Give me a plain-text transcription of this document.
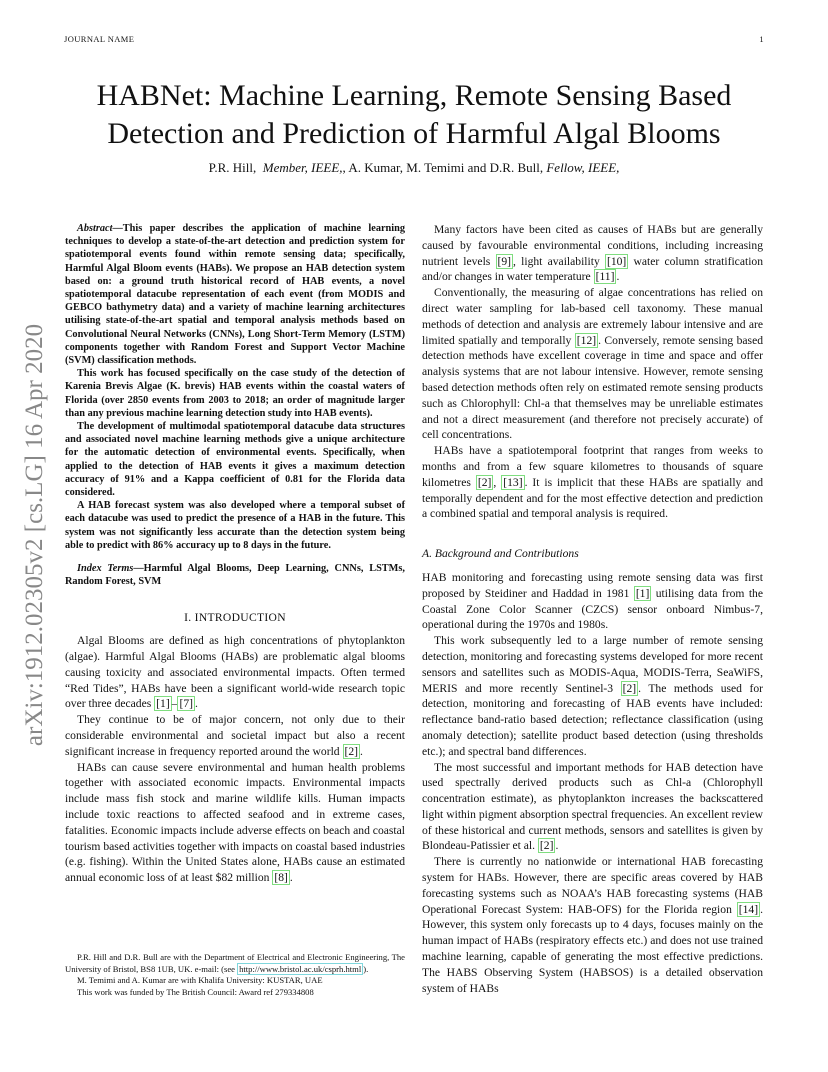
JOURNAL NAME	1
arXiv:1912.02305v2 [cs.LG] 16 Apr 2020
HABNet: Machine Learning, Remote Sensing Based
Detection and Prediction of Harmful Algal Blooms
P.R. Hill, Member, IEEE,, A. Kumar, M. Temimi and D.R. Bull, Fellow, IEEE,

Abstract—This paper describes the application of machine learning techniques to develop a state-of-the-art detection and prediction system for spatiotemporal events found within remote sensing data; specifically, Harmful Algal Bloom events (HABs). We propose an HAB detection system based on: a ground truth historical record of HAB events, a novel spatiotemporal datacube representation of each event (from MODIS and GEBCO bathymetry data) and a variety of machine learning architectures utilising state-of-the-art spatial and temporal analysis methods based on Convolutional Neural Networks (CNNs), Long Short-Term Memory (LSTM) components together with Random Forest and Support Vector Machine (SVM) classification methods.

This work has focused specifically on the case study of the detection of Karenia Brevis Algae (K. brevis) HAB events within the coastal waters of Florida (over 2850 events from 2003 to 2018; an order of magnitude larger than any previous machine learning detection study into HAB events).

The development of multimodal spatiotemporal datacube data structures and associated novel machine learning methods give a unique architecture for the automatic detection of environmental events. Specifically, when applied to the detection of HAB events it gives a maximum detection accuracy of 91% and a Kappa coefficient of 0.81 for the Florida data considered.

A HAB forecast system was also developed where a temporal subset of each datacube was used to predict the presence of a HAB in the future. This system was not significantly less accurate than the detection system being able to predict with 86% accuracy up to 8 days in the future.

Index Terms—Harmful Algal Blooms, Deep Learning, CNNs, LSTMs, Random Forest, SVM

I. INTRODUCTION

Algal Blooms are defined as high concentrations of phytoplankton (algae). Harmful Algal Blooms (HABs) are problematic algal blooms causing toxicity and associated environmental impacts. Often termed “Red Tides”, HABs have been a significant world-wide research topic over three decades [1] – [7] .

They continue to be of major concern, not only due to their considerable environmental and societal impact but also a recent significant increase in frequency reported around the world [2] .

HABs can cause severe environmental and human health problems together with associated economic impacts. Environmental impacts include mass fish stock and marine wildlife kills. Human impacts include toxic reactions to affected seafood and in extreme cases, fatalities. Economic impacts include adverse effects on beach and coastal tourism based activities together with impacts on coastal based industries (e.g. fishing). Within the United States alone, HABs cause an estimated annual economic loss of at least $82 million [8] .

P.R. Hill and D.R. Bull are with the Department of Electrical and Electronic Engineering, The University of Bristol, BS8 1UB, UK. e-mail: (see http://www.bristol.ac.uk/csprh.html ).

M. Temimi and A. Kumar are with Khalifa University: KUSTAR, UAE

This work was funded by The British Council: Award ref 279334808

Many factors have been cited as causes of HABs but are generally caused by favourable environmental conditions, including increasing nutrient levels [9] , light availability [10] water column stratification and/or changes in water temperature [11] .

Conventionally, the measuring of algae concentrations has relied on direct water sampling for lab-based cell taxonomy. These manual methods of detection and analysis are extremely labour intensive and are limited spatially and temporally [12] . Conversely, remote sensing based detection methods have excellent coverage in time and space and offer analysis systems that are not labour intensive. However, remote sensing based detection methods often rely on estimated remote sensing products such as Chlorophyll: Chl-a that themselves may be unreliable estimates and not a direct measurement (and therefore not precisely accurate) of cell concentrations.

HABs have a spatiotemporal footprint that ranges from weeks to months and from a few square kilometres to thousands of square kilometres [2] , [13] . It is implicit that these HABs are spatially and temporally dependent and for the most effective detection and prediction a combined spatial and temporal analysis is required.

A. Background and Contributions

HAB monitoring and forecasting using remote sensing data was first proposed by Steidiner and Haddad in 1981 [1] utilising data from the Coastal Zone Color Scanner (CZCS) sensor onboard Nimbus-7, operational during the 1970s and 1980s.

This work subsequently led to a large number of remote sensing detection, monitoring and forecasting systems developed for more recent sensors and satellites such as MODIS-Aqua, MODIS-Terra, SeaWiFS, MERIS and more recently Sentinel-3 [2] . The methods used for detection, monitoring and forecasting of HAB events have included: reflectance band-ratio based detection; reflectance classification (using anomaly detection); satellite product based detection (using thresholds etc.); and spectral band differences.

The most successful and important methods for HAB detection have used spectrally derived products such as Chl-a (Chlorophyll concentration estimate), as phytoplankton increases the backscattered light within pigment absorption spectral frequencies. An excellent review of these historical and current methods, sensors and satellites is given by Blondeau-Patissier et al. [2] .

There is currently no nationwide or international HAB forecasting system for HABs. However, there are specific areas covered by HAB forecasting systems such as NOAA’s HAB forecasting systems (HAB Operational Forecast System: HAB-OFS) for the Florida region [14] . However, this system only forecasts up to 4 days, focuses mainly on the human impact of HABs (respiratory effects etc.) and does not use trained machine learning, capable of generating the most effective predictions. The HABS Observing System (HABSOS) is a detailed observation system of HABs
